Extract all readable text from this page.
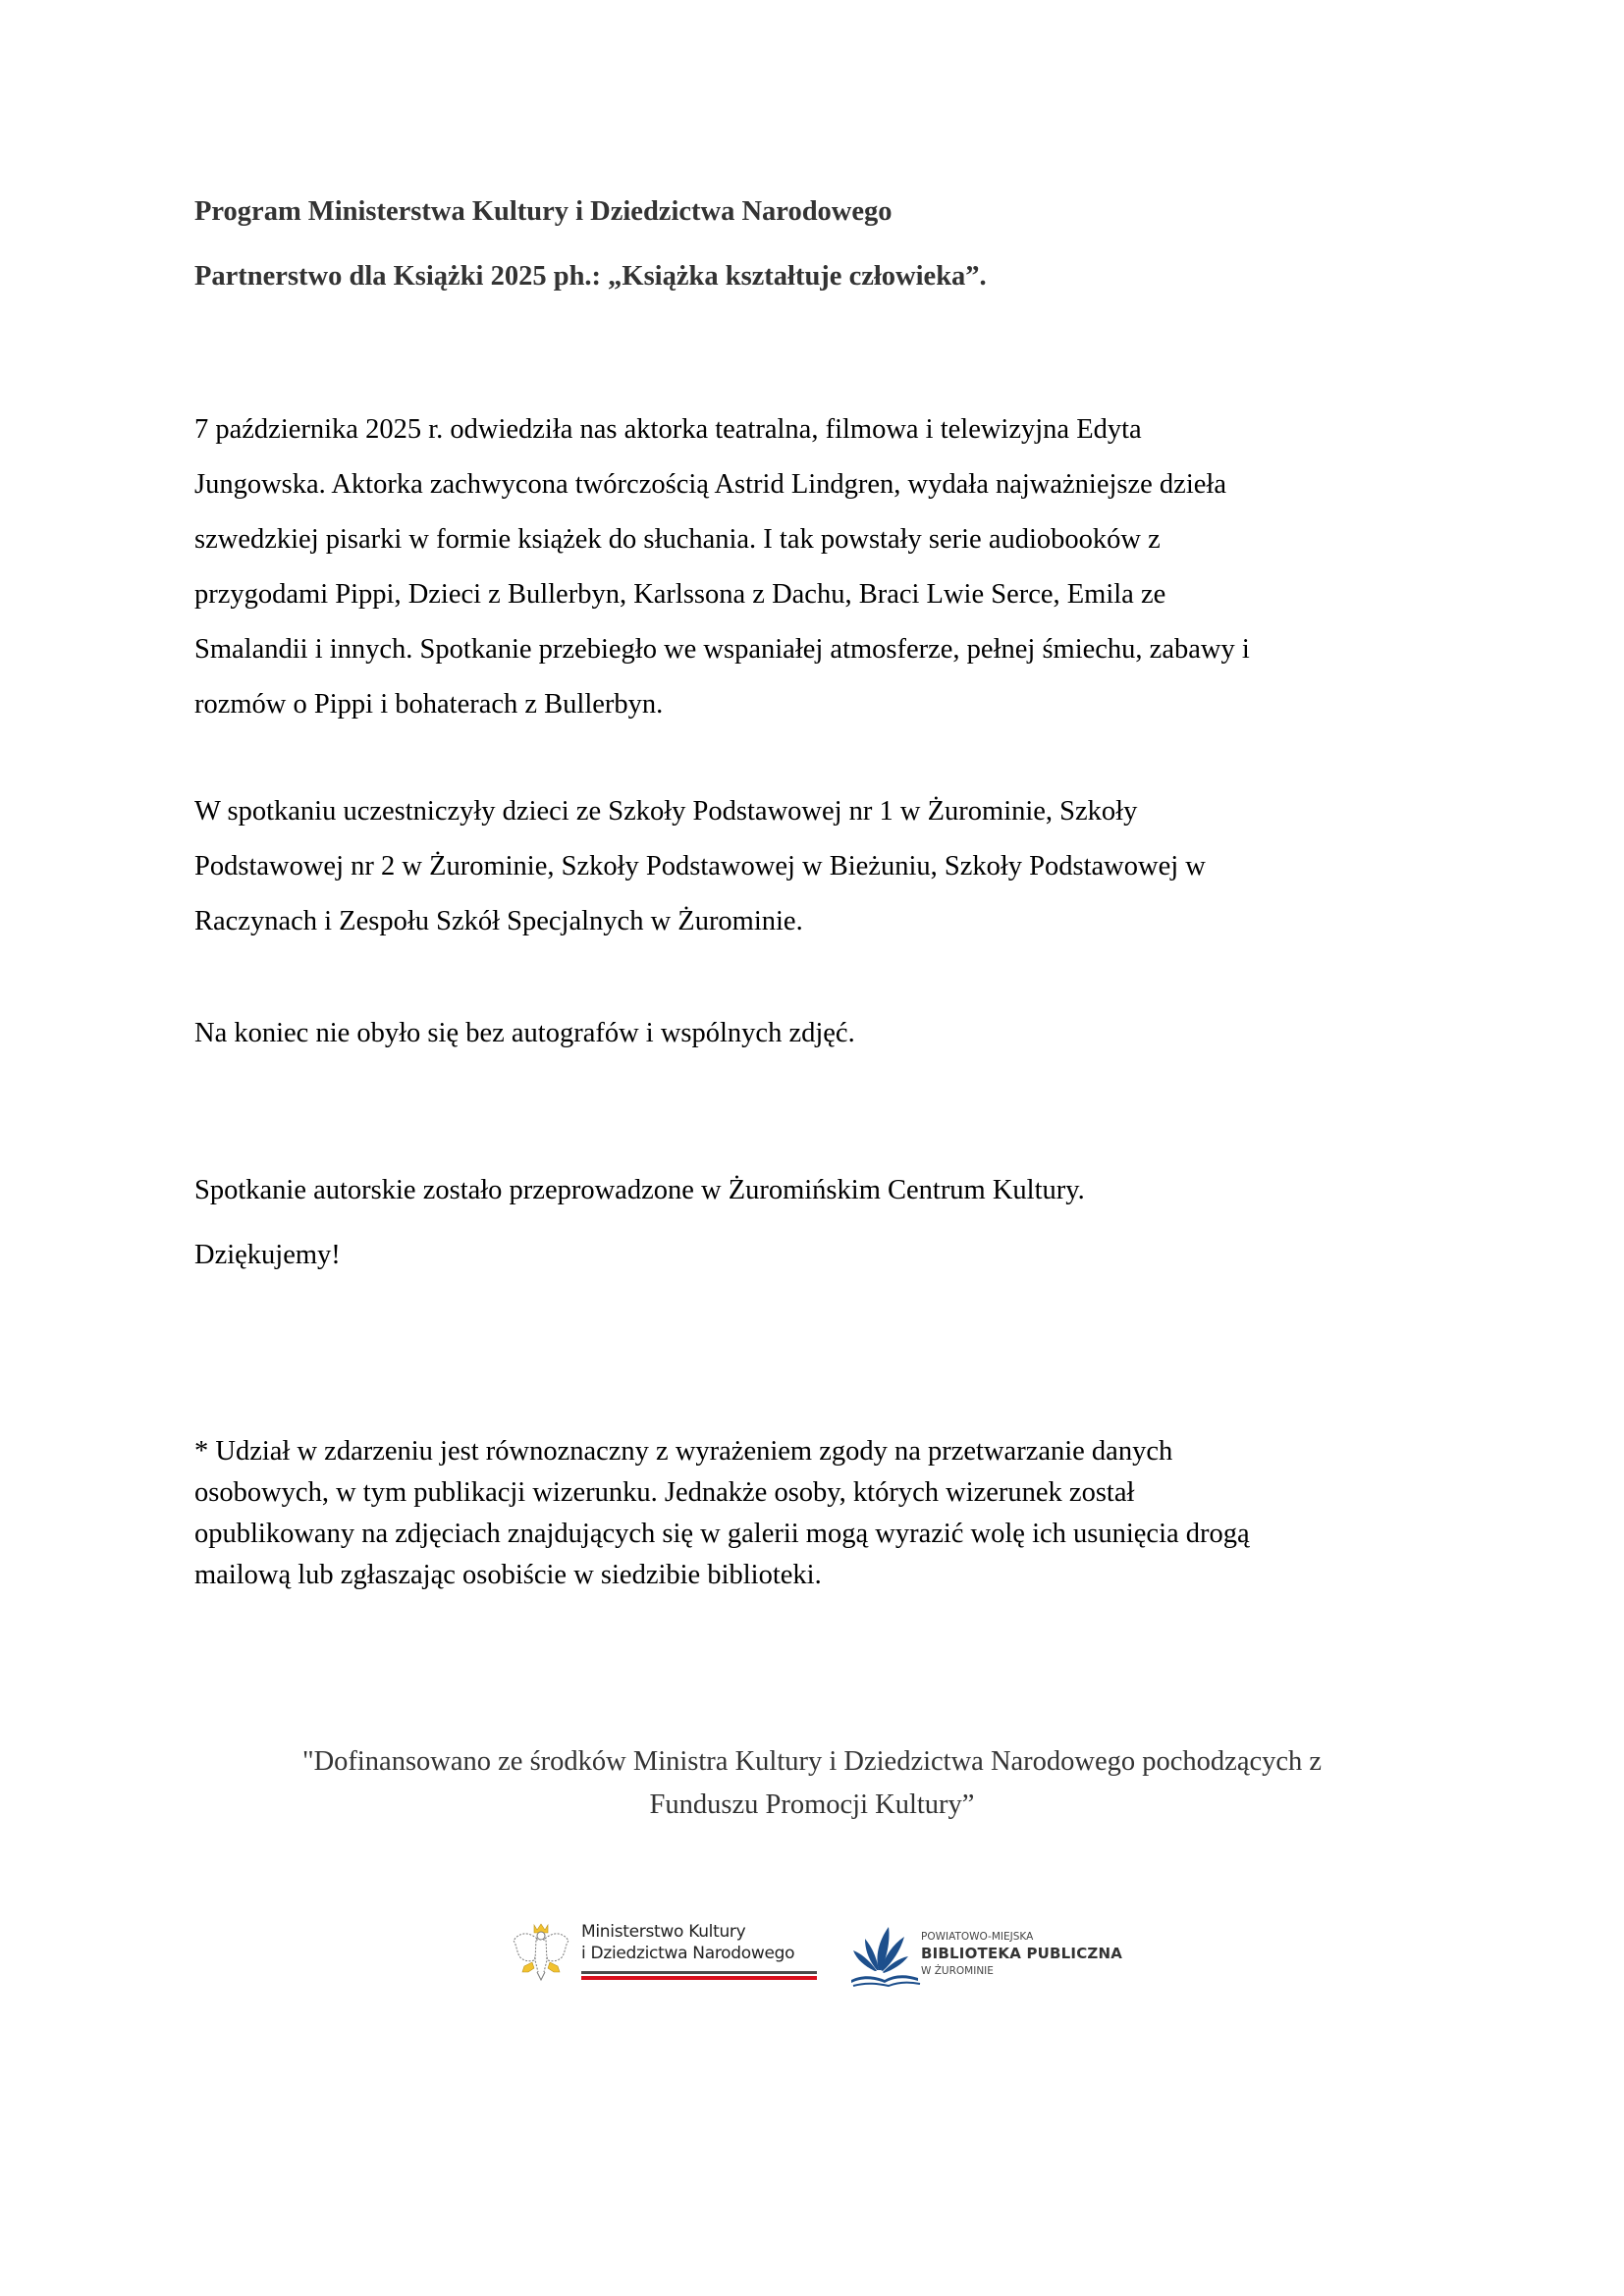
Program Ministerstwa Kultury i Dziedzictwa Narodowego
Partnerstwo dla Książki 2025 ph.: „Książka kształtuje człowieka”.
7 października 2025 r. odwiedziła nas aktorka teatralna, filmowa i telewizyjna Edyta
Jungowska. Aktorka zachwycona twórczością Astrid Lindgren, wydała najważniejsze dzieła
szwedzkiej pisarki w formie książek do słuchania. I tak powstały serie audiobooków z
przygodami Pippi, Dzieci z Bullerbyn, Karlssona z Dachu, Braci Lwie Serce, Emila ze
Smalandii i innych. Spotkanie przebiegło we wspaniałej atmosferze, pełnej śmiechu, zabawy i
rozmów o Pippi i bohaterach z Bullerbyn.
W spotkaniu uczestniczyły dzieci ze Szkoły Podstawowej nr 1 w Żurominie, Szkoły
Podstawowej nr 2 w Żurominie, Szkoły Podstawowej w Bieżuniu, Szkoły Podstawowej w
Raczynach i Zespołu Szkół Specjalnych w Żurominie.
Na koniec nie obyło się bez autografów i wspólnych zdjęć.
Spotkanie autorskie zostało przeprowadzone w Żuromińskim Centrum Kultury.
Dziękujemy!
* Udział w zdarzeniu jest równoznaczny z wyrażeniem zgody na przetwarzanie danych
osobowych, w tym publikacji wizerunku. Jednakże osoby, których wizerunek został
opublikowany na zdjęciach znajdujących się w galerii mogą wyrazić wolę ich usunięcia drogą
mailową lub zgłaszając osobiście w siedzibie biblioteki.
"Dofinansowano ze środków Ministra Kultury i Dziedzictwa Narodowego pochodzących z
Funduszu Promocji Kultury”
Ministerstwo Kultury
i Dziedzictwa Narodowego
POWIATOWO-MIEJSKA
BIBLIOTEKA PUBLICZNA
W ŻUROMINIE
